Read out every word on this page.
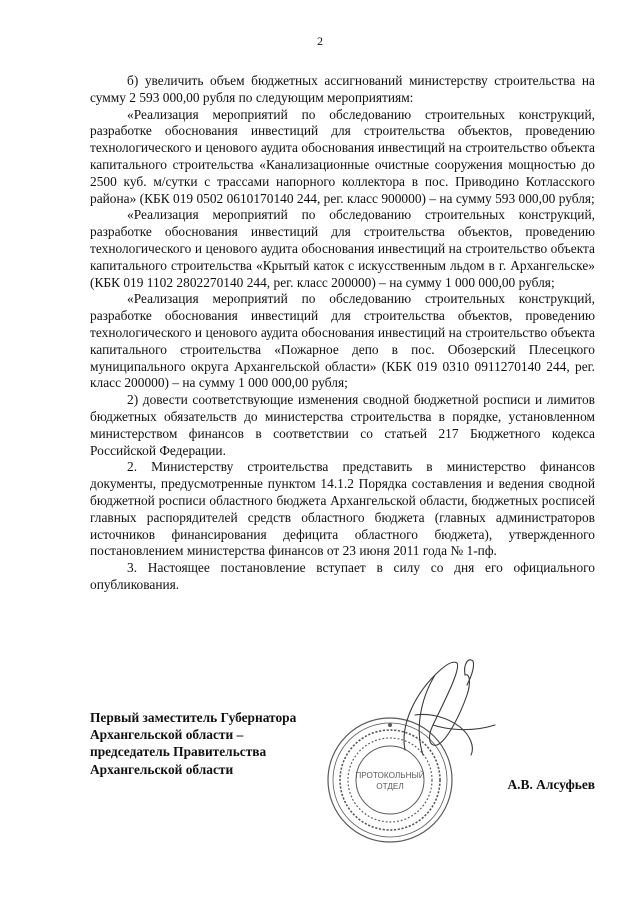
2

б) увеличить объем бюджетных ассигнований министерству строительства на сумму 2 593 000,00 рубля по следующим мероприятиям:

«Реализация мероприятий по обследованию строительных конструкций, разработке обоснования инвестиций для строительства объектов, проведению технологического и ценового аудита обоснования инвестиций на строительство объекта капитального строительства «Канализационные очистные сооружения мощностью до 2500 куб. м/сутки с трассами напорного коллектора в пос. Приводино Котласского района» (КБК 019 0502 0610170140 244, рег. класс 900000) – на сумму 593 000,00 рубля;

«Реализация мероприятий по обследованию строительных конструкций, разработке обоснования инвестиций для строительства объектов, проведению технологического и ценового аудита обоснования инвестиций на строительство объекта капитального строительства «Крытый каток с искусственным льдом в г. Архангельске» (КБК 019 1102 2802270140 244, рег. класс 200000) – на сумму 1 000 000,00 рубля;

«Реализация мероприятий по обследованию строительных конструкций, разработке обоснования инвестиций для строительства объектов, проведению технологического и ценового аудита обоснования инвестиций на строительство объекта капитального строительства «Пожарное депо в пос. Обозерский Плесецкого муниципального округа Архангельской области» (КБК 019 0310 0911270140 244, рег. класс 200000) – на сумму 1 000 000,00 рубля;

2) довести соответствующие изменения сводной бюджетной росписи и лимитов бюджетных обязательств до министерства строительства в порядке, установленном министерством финансов в соответствии со статьей 217 Бюджетного кодекса Российской Федерации.

2. Министерству строительства представить в министерство финансов документы, предусмотренные пунктом 14.1.2 Порядка составления и ведения сводной бюджетной росписи областного бюджета Архангельской области, бюджетных росписей главных распорядителей средств областного бюджета (главных администраторов источников финансирования дефицита областного бюджета), утвержденного постановлением министерства финансов от 23 июня 2011 года № 1-пф.

3. Настоящее постановление вступает в силу со дня его официального опубликования.

ПРОТОКОЛЬНЫЙ
ОТДЕЛ
Первый заместитель Губернатора
Архангельской области –
председатель Правительства
Архангельской области
А.В. Алсуфьев
